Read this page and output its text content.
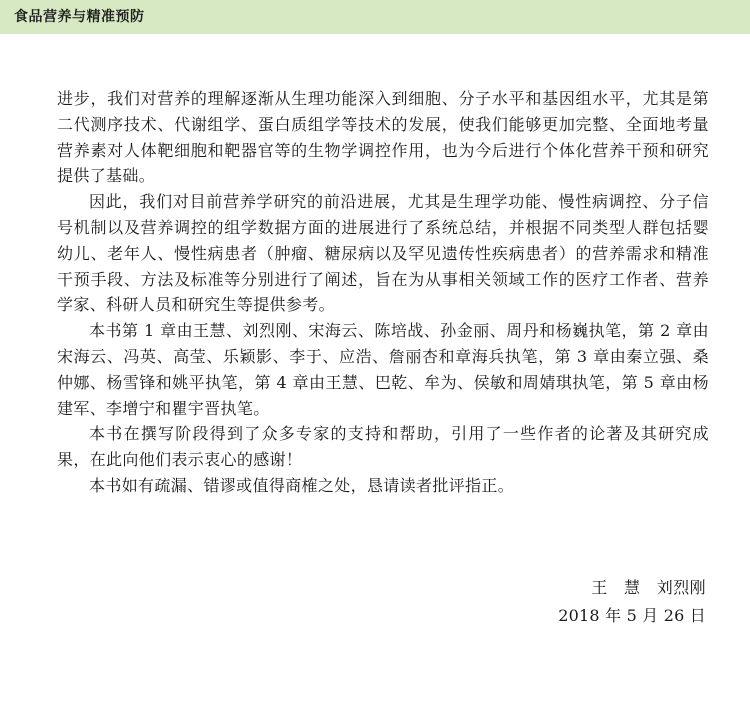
食品营养与精准预防

进步，我们对营养的理解逐渐从生理功能深入到细胞、分子水平和基因组水平，尤其是第二代测序技术、代谢组学、蛋白质组学等技术的发展，使我们能够更加完整、全面地考量营养素对人体靶细胞和靶器官等的生物学调控作用，也为今后进行个体化营养干预和研究提供了基础。

因此，我们对目前营养学研究的前沿进展，尤其是生理学功能、慢性病调控、分子信号机制以及营养调控的组学数据方面的进展进行了系统总结，并根据不同类型人群包括婴幼儿、老年人、慢性病患者（肿瘤、糖尿病以及罕见遗传性疾病患者）的营养需求和精准干预手段、方法及标准等分别进行了阐述，旨在为从事相关领域工作的医疗工作者、营养学家、科研人员和研究生等提供参考。

本书第 1 章由王慧、刘烈刚、宋海云、陈培战、孙金丽、周丹和杨巍执笔，第 2 章由宋海云、冯英、高莹、乐颖影、李于、应浩、詹丽杏和章海兵执笔，第 3 章由秦立强、桑仲娜、杨雪锋和姚平执笔，第 4 章由王慧、巴乾、牟为、侯敏和周婧琪执笔，第 5 章由杨建军、李增宁和瞿宇晋执笔。

本书在撰写阶段得到了众多专家的支持和帮助，引用了一些作者的论著及其研究成果，在此向他们表示衷心的感谢！

本书如有疏漏、错谬或值得商榷之处，恳请读者批评指正。

王　慧　刘烈刚
2018 年 5 月 26 日
